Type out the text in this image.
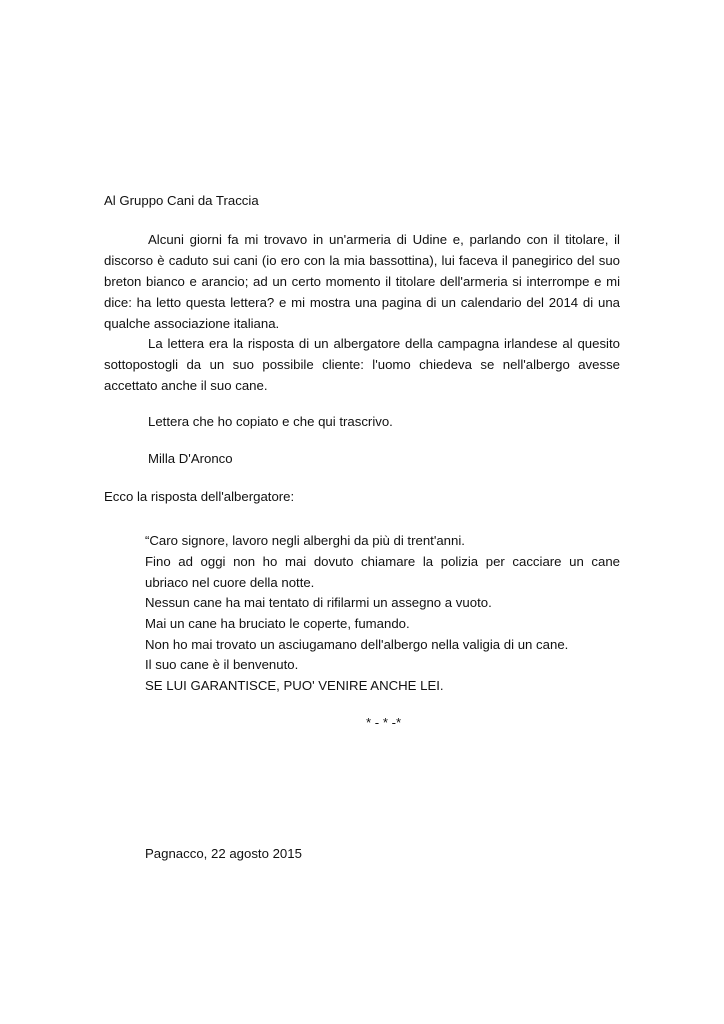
Al Gruppo Cani da Traccia
Alcuni giorni fa mi trovavo in un'armeria di Udine e, parlando con il titolare, il
discorso è caduto sui cani (io ero con la mia bassottina), lui faceva il panegirico del suo
breton bianco e arancio; ad un certo momento il titolare dell'armeria si interrompe e mi
dice: ha letto questa lettera? e mi mostra una pagina di un calendario del 2014 di una
qualche associazione italiana.
La lettera era la risposta di un albergatore della campagna irlandese al quesito
sottopostogli da un suo possibile cliente: l'uomo chiedeva se nell'albergo avesse
accettato anche il suo cane.
Lettera che ho copiato e che qui trascrivo.
Milla D'Aronco
Ecco la risposta dell'albergatore:
“Caro signore, lavoro negli alberghi da più di trent'anni.
Fino ad oggi non ho mai dovuto chiamare la polizia per cacciare un cane
ubriaco nel cuore della notte.
Nessun cane ha mai tentato di rifilarmi un assegno a vuoto.
Mai un cane ha bruciato le coperte, fumando.
Non ho mai trovato un asciugamano dell'albergo nella valigia di un cane.
Il suo cane è il benvenuto.
SE LUI GARANTISCE, PUO' VENIRE ANCHE LEI.
* - * -*
Pagnacco, 22 agosto 2015
